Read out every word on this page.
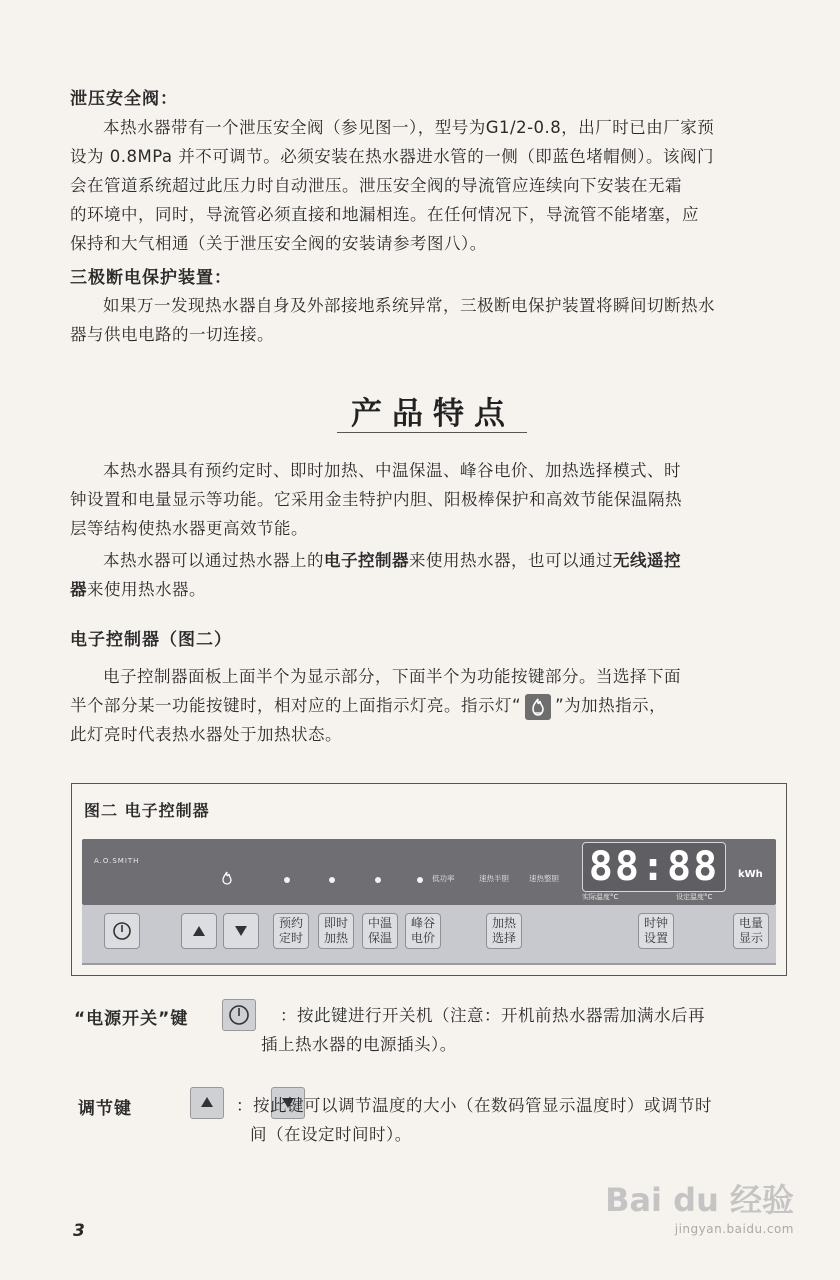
泄压安全阀：
本热水器带有一个泄压安全阀（参见图一），型号为G1/2-0.8，出厂时已由厂家预
设为 0.8MPa 并不可调节。必须安装在热水器进水管的一侧（即蓝色堵帽侧）。该阀门
会在管道系统超过此压力时自动泄压。泄压安全阀的导流管应连续向下安装在无霜
的环境中，同时，导流管必须直接和地漏相连。在任何情况下，导流管不能堵塞，应
保持和大气相通（关于泄压安全阀的安装请参考图八）。
三极断电保护装置：
如果万一发现热水器自身及外部接地系统异常，三极断电保护装置将瞬间切断热水
器与供电电路的一切连接。
产品特点
本热水器具有预约定时、即时加热、中温保温、峰谷电价、加热选择模式、时
钟设置和电量显示等功能。它采用金圭特护内胆、阳极棒保护和高效节能保温隔热
层等结构使热水器更高效节能。
本热水器可以通过热水器上的电子控制器来使用热水器，也可以通过无线遥控
器来使用热水器。
电子控制器（图二）
电子控制器面板上面半个为显示部分，下面半个为功能按键部分。当选择下面
半个部分某一功能按键时，相对应的上面指示灯亮。指示灯“ ”为加热指示，
此灯亮时代表热水器处于加热状态。
图二 电子控制器
A.O.SMITH
低功率	速热半胆	速热整胆 88:88	kWh
实际温度°C	设定温度°C
预约
定时
即时
加热
中温
保温
峰谷
电价
加热
选择
时钟
设置
电量
显示
“电源开关”键
	：按此键进行开关机（注意：开机前热水器需加满水后再
插上热水器的电源插头）。
调节键
	：按此键可以调节温度的大小（在数码管显示温度时）或调节时
间（在设定时间时）。
3
Bai du 经验
jingyan.baidu.com
